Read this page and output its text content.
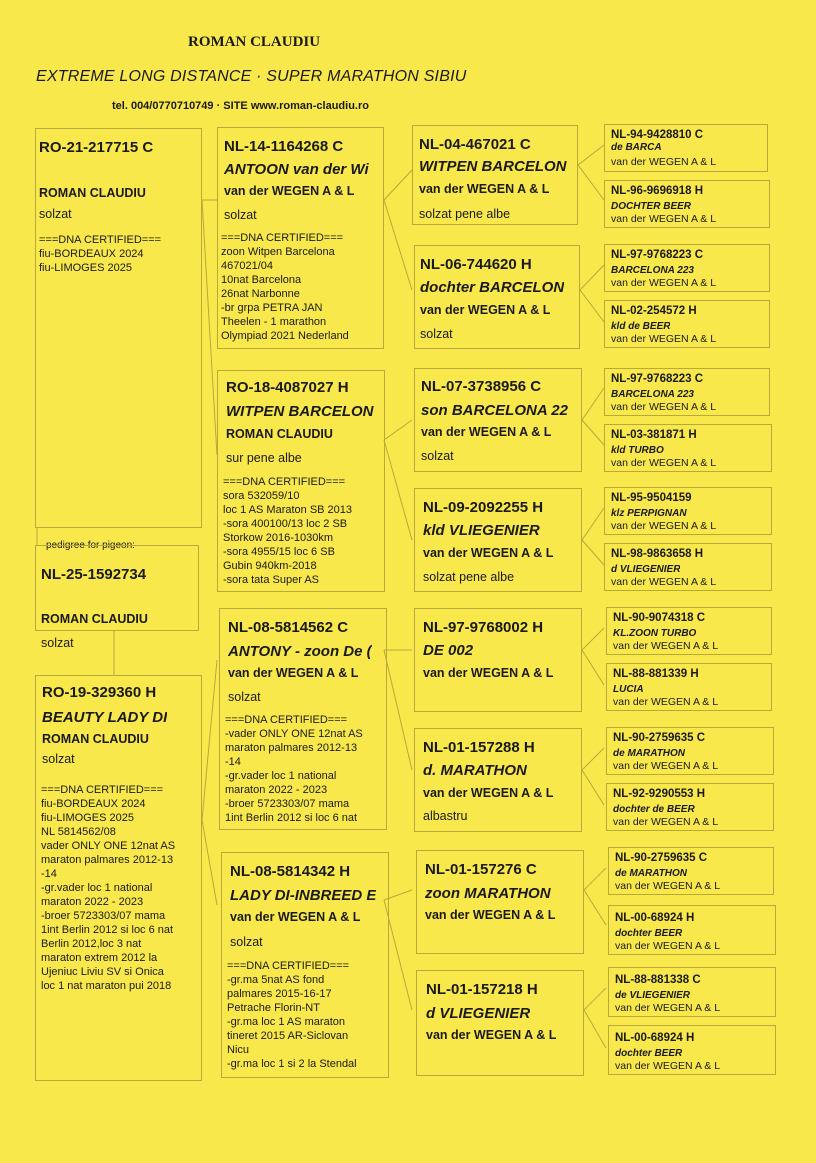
ROMAN CLAUDIU
EXTREME LONG DISTANCE · SUPER MARATHON SIBIU
tel. 004/0770710749 · SITE www.roman-claudiu.ro
RO-21-217715 C
ROMAN CLAUDIU
solzat
===DNA CERTIFIED===
fiu-BORDEAUX 2024
fiu-LIMOGES 2025
pedigree for pigeon:
NL-25-1592734
ROMAN CLAUDIU
solzat
RO-19-329360 H
BEAUTY LADY DI
ROMAN CLAUDIU
solzat
===DNA CERTIFIED===
fiu-BORDEAUX 2024
fiu-LIMOGES 2025
NL 5814562/08
vader ONLY ONE 12nat AS
maraton palmares 2012-13
-14
-gr.vader loc 1 national
maraton 2022 - 2023
-broer 5723303/07 mama
1int Berlin 2012 si loc 6 nat
Berlin 2012,loc 3 nat
maraton extrem 2012 la
Ujeniuc Liviu SV si Onica
loc 1 nat maraton pui 2018
NL-14-1164268 C
ANTOON van der Wi
van der WEGEN A & L
solzat
===DNA CERTIFIED===
zoon Witpen Barcelona
467021/04
10nat Barcelona
26nat Narbonne
-br grpa PETRA JAN
Theelen - 1 marathon
Olympiad 2021 Nederland
RO-18-4087027 H
WITPEN BARCELON
ROMAN CLAUDIU
sur pene albe
===DNA CERTIFIED===
sora 532059/10
loc 1 AS Maraton SB 2013
-sora 400100/13 loc 2 SB
Storkow 2016-1030km
-sora 4955/15 loc 6 SB
Gubin 940km-2018
-sora tata Super AS
NL-08-5814562 C
ANTONY - zoon De (
van der WEGEN A & L
solzat
===DNA CERTIFIED===
-vader ONLY ONE 12nat AS
maraton palmares 2012-13
-14
-gr.vader loc 1 national
maraton 2022 - 2023
-broer 5723303/07 mama
1int Berlin 2012 si loc 6 nat
NL-08-5814342 H
LADY DI-INBREED E
van der WEGEN A & L
solzat
===DNA CERTIFIED===
-gr.ma 5nat AS fond
palmares 2015-16-17
Petrache Florin-NT
-gr.ma loc 1 AS maraton
tineret 2015 AR-Siclovan
Nicu
-gr.ma loc 1 si 2 la Stendal
NL-04-467021 C
WITPEN BARCELON
van der WEGEN A & L
solzat pene albe
NL-06-744620 H
dochter BARCELON
van der WEGEN A & L
solzat
NL-07-3738956 C
son BARCELONA 22
van der WEGEN A & L
solzat
NL-09-2092255 H
kld VLIEGENIER
van der WEGEN A & L
solzat pene albe
NL-97-9768002 H
DE 002
van der WEGEN A & L
NL-01-157288 H
d. MARATHON
van der WEGEN A & L
albastru
NL-01-157276 C
zoon MARATHON
van der WEGEN A & L
NL-01-157218 H
d VLIEGENIER
van der WEGEN A & L
NL-94-9428810 C
de BARCA
van der WEGEN A & L
NL-96-9696918 H
DOCHTER BEER
van der WEGEN A & L
NL-97-9768223 C
BARCELONA 223
van der WEGEN A & L
NL-02-254572 H
kld de BEER
van der WEGEN A & L
NL-97-9768223 C
BARCELONA 223
van der WEGEN A & L
NL-03-381871 H
kld TURBO
van der WEGEN A & L
NL-95-9504159
klz PERPIGNAN
van der WEGEN A & L
NL-98-9863658 H
d VLIEGENIER
van der WEGEN A & L
NL-90-9074318 C
KL.ZOON TURBO
van der WEGEN A & L
NL-88-881339 H
LUCIA
van der WEGEN A & L
NL-90-2759635 C
de MARATHON
van der WEGEN A & L
NL-92-9290553 H
dochter de BEER
van der WEGEN A & L
NL-90-2759635 C
de MARATHON
van der WEGEN A & L
NL-00-68924 H
dochter BEER
van der WEGEN A & L
NL-88-881338 C
de VLIEGENIER
van der WEGEN A & L
NL-00-68924 H
dochter BEER
van der WEGEN A & L
